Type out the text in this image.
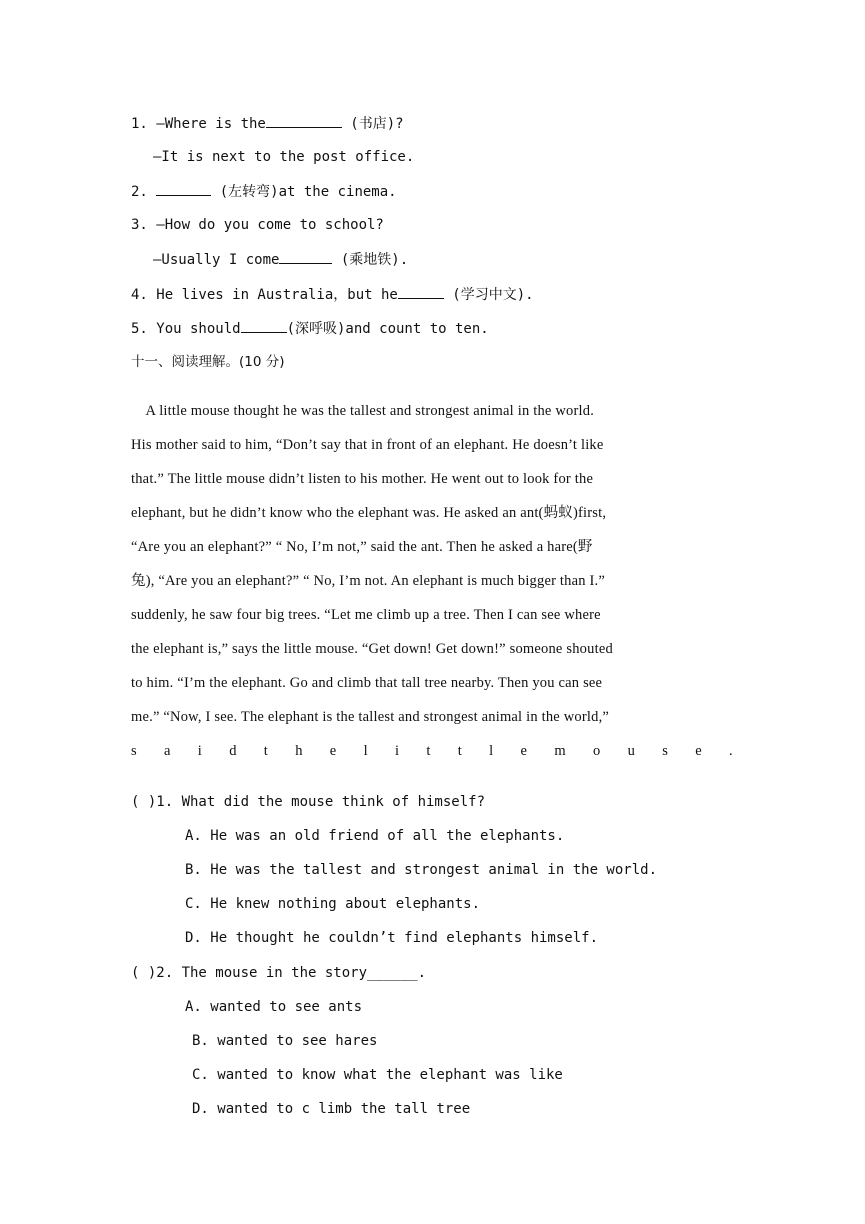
1. —Where is the	(书店)?
—It is next to the post office.
2.	(左转弯)at the cinema.
3. —How do you come to school?
—Usually I come	(乘地铁).
4. He lives in Australia，but he	(学习中文).
5. You should	(深呼吸)and count to ten.
十一、阅读理解。(10 分)
A little mouse thought he was the tallest and strongest animal in the world.
His mother said to him, “Don’t say that in front of an elephant. He doesn’t like
that.” The little mouse didn’t listen to his mother. He went out to look for the
elephant, but he didn’t know who the elephant was. He asked an ant(蚂蚁)first,
“Are you an elephant?” “ No, I’m not,” said the ant. Then he asked a hare(野
兔), “Are you an elephant?” “ No, I’m not. An elephant is much bigger than I.”
suddenly, he saw four big trees. “Let me climb up a tree. Then I can see where
the elephant is,” says the little mouse. “Get down! Get down!” someone shouted
to him. “I’m the elephant. Go and climb that tall tree nearby. Then you can see
me.” “Now, I see. The elephant is the tallest and strongest animal in the world,”
s a i d t h e l i t t l e m o u s e .
( )1. What did the mouse think of himself?
A. He was an old friend of all the elephants.
B. He was the tallest and strongest animal in the world.
C. He knew nothing about elephants.
D. He thought he couldn’t find elephants himself.
( )2. The mouse in the story______.
A. wanted to see ants
B. wanted to see hares
C. wanted to know what the elephant was like
D. wanted to c limb the tall tree
